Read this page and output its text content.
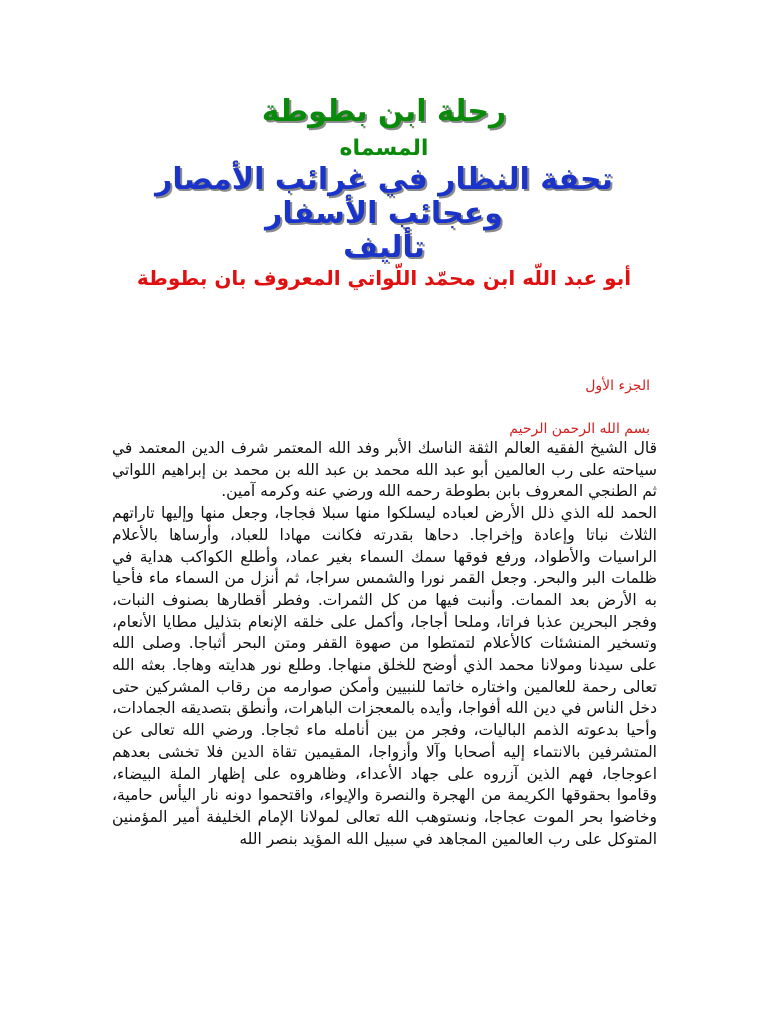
رحلة ابن بطوطة
المسماه
تحفة النظار في غرائب الأمصار
وعجائب الأسفار
تأليف
أبو عبد اللّه ابن محمّد اللّواتي المعروف بان بطوطة
الجزء الأول
بسم الله الرحمن الرحيم

قال الشيخ الفقيه العالم الثقة الناسك الأبر وفد الله المعتمر شرف الدين المعتمد في سياحته على رب العالمين أبو عبد الله محمد بن عبد الله بن محمد بن إبراهيم اللواتي ثم الطنجي المعروف بابن بطوطة رحمه الله ورضي عنه وكرمه آمين.

الحمد لله الذي ذلل الأرض لعباده ليسلكوا منها سبلا فجاجا، وجعل منها وإليها تاراتهم الثلاث نباتا وإعادة وإخراجا. دحاها بقدرته فكانت مهادا للعباد، وأرساها بالأعلام الراسيات والأطواد، ورفع فوقها سمك السماء بغير عماد، وأطلع الكواكب هداية في ظلمات البر والبحر. وجعل القمر نورا والشمس سراجا، ثم أنزل من السماء ماء فأحيا به الأرض بعد الممات. وأنبت فيها من كل الثمرات. وفطر أقطارها بصنوف النبات، وفجر البحرين عذبا فراتا، وملحا أجاجا، وأكمل على خلقه الإنعام بتذليل مطايا الأنعام، وتسخير المنشئات كالأعلام لتمتطوا من صهوة القفر ومتن البحر أثباجا. وصلى الله على سيدنا ومولانا محمد الذي أوضح للخلق منهاجا. وطلع نور هدايته وهاجا. بعثه الله تعالى رحمة للعالمين واختاره خاتما للنبيين وأمكن صوارمه من رقاب المشركين حتى دخل الناس في دين الله أفواجا، وأيده بالمعجزات الباهرات، وأنطق بتصديقه الجمادات، وأحيا بدعوته الذمم الباليات، وفجر من بين أنامله ماء ثجاجا. ورضي الله تعالى عن المتشرفين بالانتماء إليه أصحابا وآلا وأزواجا، المقيمين تقاة الدين فلا تخشى بعدهم اعوجاجا، فهم الذين آزروه على جهاد الأعداء، وظاهروه على إظهار الملة البيضاء، وقاموا بحقوقها الكريمة من الهجرة والنصرة والإيواء، واقتحموا دونه نار اليأس حامية، وخاضوا بحر الموت عجاجا، ونستوهب الله تعالى لمولانا الإمام الخليفة أمير المؤمنين المتوكل على رب العالمين المجاهد في سبيل الله المؤيد بنصر الله
